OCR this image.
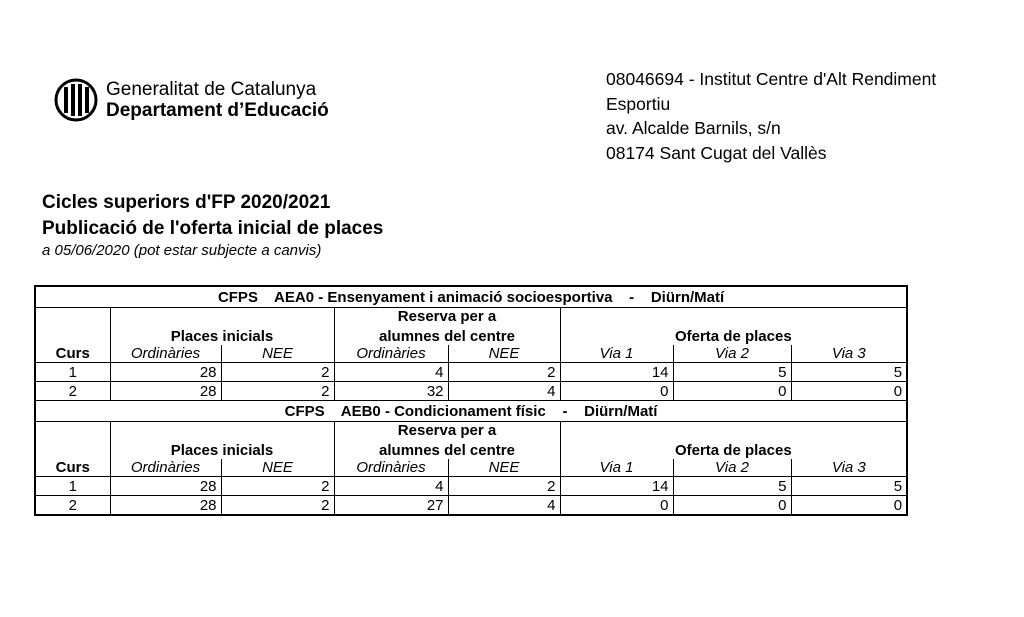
Generalitat de Catalunya
Departament d’Educació
08046694 - Institut Centre d'Alt Rendiment
Esportiu
av. Alcalde Barnils, s/n
08174 Sant Cugat del Vallès
Cicles superiors d'FP 2020/2021
Publicació de l'oferta inicial de places
a 05/06/2020 (pot estar subjecte a canvis)
CFPS    AEA0 - Ensenyament i animació socioesportiva    -    Diürn/Matí							
	Places inicials		Reserva per a		Oferta de places		
			alumnes del centre				
Curs	Ordinàries	NEE	Ordinàries	NEE	Via 1	Via 2	Via 3
1	28	2	4	2	14	5	5
2	28	2	32	4	0	0	0
CFPS    AEB0 - Condicionament físic    -    Diürn/Matí							
	Places inicials		Reserva per a		Oferta de places		
			alumnes del centre				
Curs	Ordinàries	NEE	Ordinàries	NEE	Via 1	Via 2	Via 3
1	28	2	4	2	14	5	5
2	28	2	27	4	0	0	0
